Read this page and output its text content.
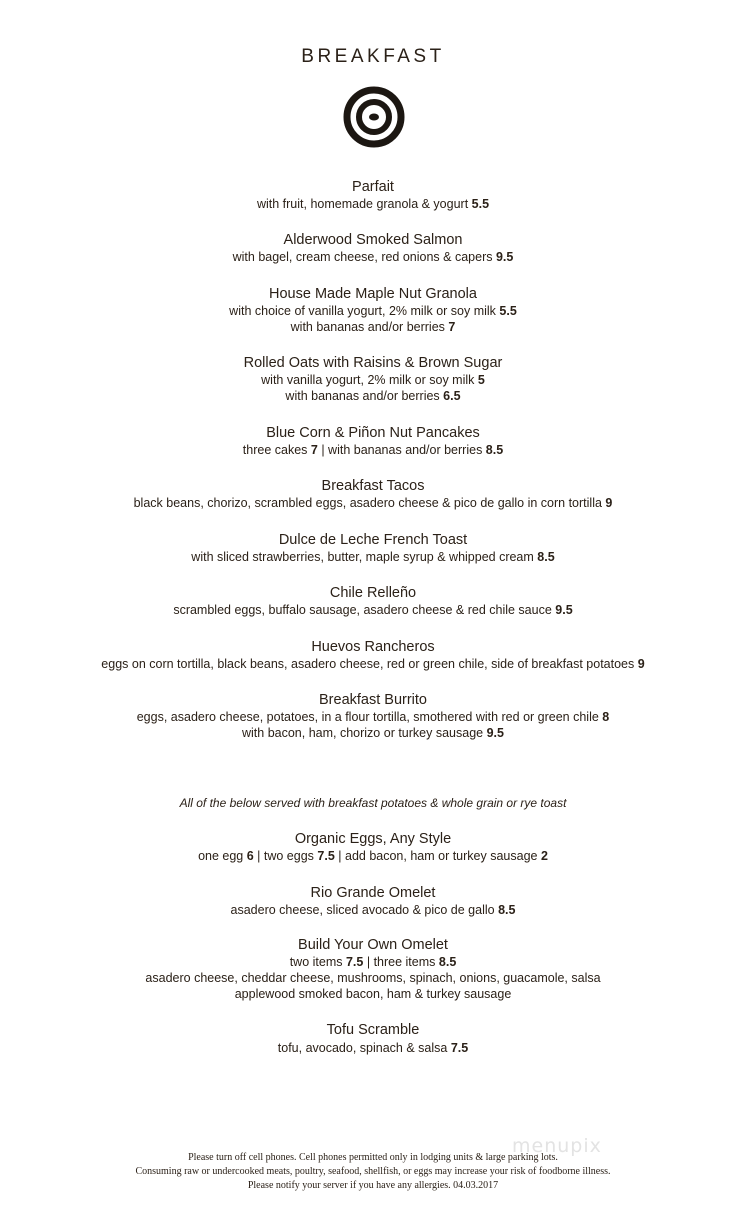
BREAKFAST
Parfait
with fruit, homemade granola & yogurt 5.5
Alderwood Smoked Salmon
with bagel, cream cheese, red onions & capers 9.5
House Made Maple Nut Granola
with choice of vanilla yogurt, 2% milk or soy milk 5.5
with bananas and/or berries 7
Rolled Oats with Raisins & Brown Sugar
with vanilla yogurt, 2% milk or soy milk 5
with bananas and/or berries 6.5
Blue Corn & Piñon Nut Pancakes
three cakes 7 | with bananas and/or berries 8.5
Breakfast Tacos
black beans, chorizo, scrambled eggs, asadero cheese & pico de gallo in corn tortilla 9
Dulce de Leche French Toast
with sliced strawberries, butter, maple syrup & whipped cream 8.5
Chile Relleño
scrambled eggs, buffalo sausage, asadero cheese & red chile sauce 9.5
Huevos Rancheros
eggs on corn tortilla, black beans, asadero cheese, red or green chile, side of breakfast potatoes 9
Breakfast Burrito
eggs, asadero cheese, potatoes, in a flour tortilla, smothered with red or green chile 8
with bacon, ham, chorizo or turkey sausage 9.5
All of the below served with breakfast potatoes & whole grain or rye toast
Organic Eggs, Any Style
one egg 6 | two eggs 7.5 | add bacon, ham or turkey sausage 2
Rio Grande Omelet
asadero cheese, sliced avocado & pico de gallo 8.5
Build Your Own Omelet
two items 7.5 | three items 8.5
asadero cheese, cheddar cheese, mushrooms, spinach, onions, guacamole, salsa
applewood smoked bacon, ham & turkey sausage
Tofu Scramble
tofu, avocado, spinach & salsa 7.5
menupix
Please turn off cell phones. Cell phones permitted only in lodging units & large parking lots.
Consuming raw or undercooked meats, poultry, seafood, shellfish, or eggs may increase your risk of foodborne illness.
Please notify your server if you have any allergies. 04.03.2017
